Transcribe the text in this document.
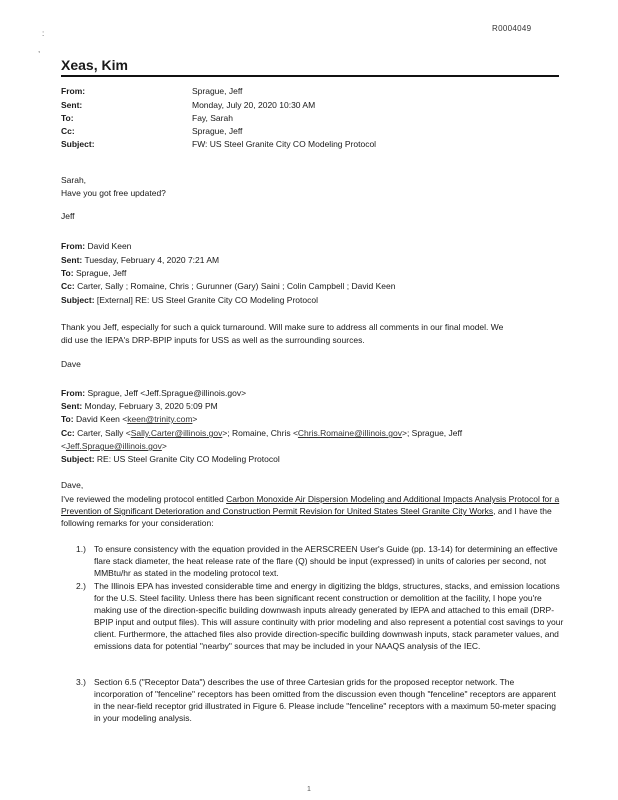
:
,
R0004049
Xeas, Kim
From:	Sprague, Jeff
Sent:	Monday, July 20, 2020 10:30 AM
To:	Fay, Sarah
Cc:	Sprague, Jeff
Subject:	FW: US Steel Granite City CO Modeling Protocol
Sarah,
Have you got free updated?
Jeff
From: David Keen
Sent: Tuesday, February 4, 2020 7:21 AM
To: Sprague, Jeff
Cc: Carter, Sally ; Romaine, Chris ; Gurunner (Gary) Saini ; Colin Campbell ; David Keen
Subject: [External] RE: US Steel Granite City CO Modeling Protocol
Thank you Jeff, especially for such a quick turnaround. Will make sure to address all comments in our final model. We
did use the IEPA's DRP-BPIP inputs for USS as well as the surrounding sources.
Dave
From: Sprague, Jeff <Jeff.Sprague@illinois.gov>
Sent: Monday, February 3, 2020 5:09 PM
To: David Keen <keen@trinity.com>
Cc: Carter, Sally <Sally.Carter@illinois.gov>; Romaine, Chris <Chris.Romaine@illinois.gov>; Sprague, Jeff
<Jeff.Sprague@illinois.gov>
Subject: RE: US Steel Granite City CO Modeling Protocol
Dave,
I've reviewed the modeling protocol entitled Carbon Monoxide Air Dispersion Modeling and Additional Impacts Analysis Protocol for a Prevention of Significant Deterioration and Construction Permit Revision for United States Steel Granite City Works, and I have the following remarks for your consideration:
1.) To ensure consistency with the equation provided in the AERSCREEN User's Guide (pp. 13-14) for determining an effective flare stack diameter, the heat release rate of the flare (Q) should be input (expressed) in units of calories per second, not MMBtu/hr as stated in the modeling protocol text.
2.) The Illinois EPA has invested considerable time and energy in digitizing the bldgs, structures, stacks, and emission locations for the U.S. Steel facility. Unless there has been significant recent construction or demolition at the facility, I hope you're making use of the direction-specific building downwash inputs already generated by IEPA and attached to this email (DRP-BPIP input and output files). This will assure continuity with prior modeling and also represent a potential cost savings to your client. Furthermore, the attached files also provide direction-specific building downwash inputs, stack parameter values, and emissions data for potential "nearby" sources that may be included in your NAAQS analysis of the IEC.
3.) Section 6.5 ("Receptor Data") describes the use of three Cartesian grids for the proposed receptor network. The incorporation of "fenceline" receptors has been omitted from the discussion even though "fenceline" receptors are apparent in the near-field receptor grid illustrated in Figure 6. Please include "fenceline" receptors with a maximum 50-meter spacing in your modeling analysis.
1
